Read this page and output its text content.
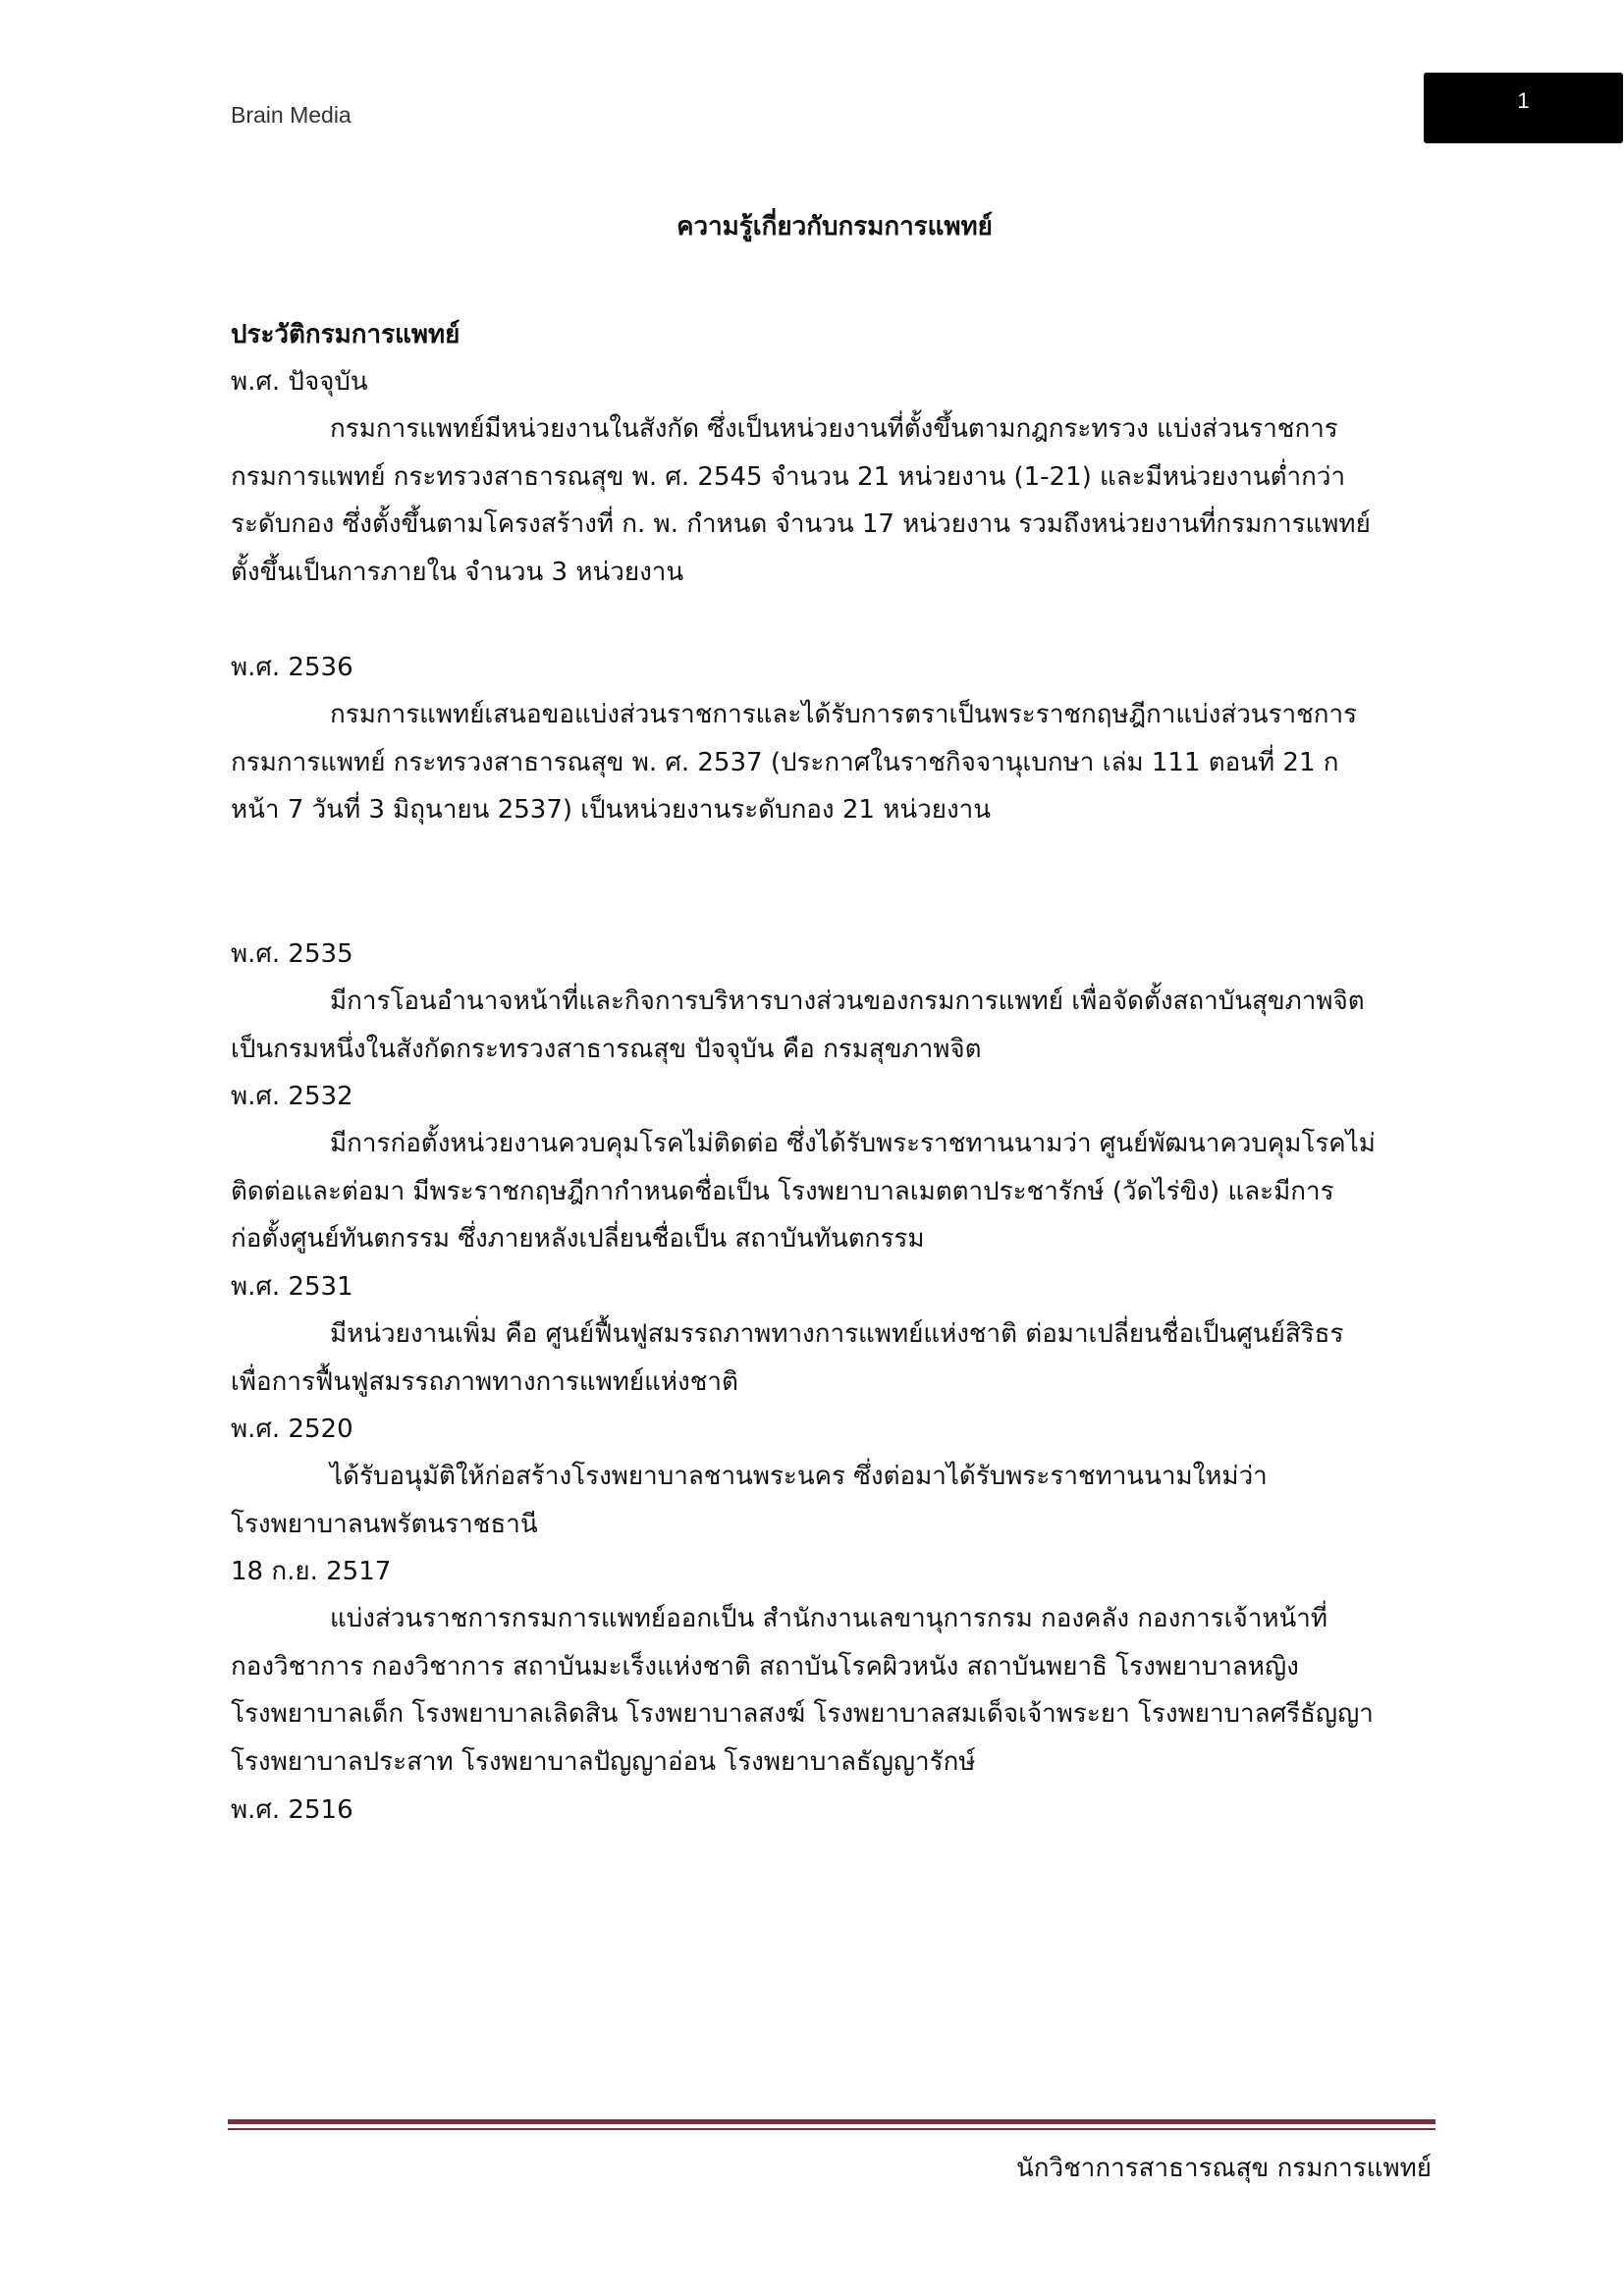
Brain Media
1
ความรู้เกี่ยวกับกรมการแพทย์
ประวัติกรมการแพทย์
พ.ศ. ปัจจุบัน
กรมการแพทย์มีหน่วยงานในสังกัด ซึ่งเป็นหน่วยงานที่ตั้งขึ้นตามกฎกระทรวง แบ่งส่วนราชการ
กรมการแพทย์ กระทรวงสาธารณสุข พ. ศ. 2545 จำนวน 21 หน่วยงาน (1-21) และมีหน่วยงานต่ำกว่า
ระดับกอง ซึ่งตั้งขึ้นตามโครงสร้างที่ ก. พ. กำหนด จำนวน 17 หน่วยงาน รวมถึงหน่วยงานที่กรมการแพทย์
ตั้งขึ้นเป็นการภายใน จำนวน 3 หน่วยงาน
พ.ศ. 2536
กรมการแพทย์เสนอขอแบ่งส่วนราชการและได้รับการตราเป็นพระราชกฤษฎีกาแบ่งส่วนราชการ
กรมการแพทย์ กระทรวงสาธารณสุข พ. ศ. 2537 (ประกาศในราชกิจจานุเบกษา เล่ม 111 ตอนที่ 21 ก
หน้า 7 วันที่ 3 มิถุนายน 2537) เป็นหน่วยงานระดับกอง 21 หน่วยงาน
พ.ศ. 2535
มีการโอนอำนาจหน้าที่และกิจการบริหารบางส่วนของกรมการแพทย์ เพื่อจัดตั้งสถาบันสุขภาพจิต
เป็นกรมหนึ่งในสังกัดกระทรวงสาธารณสุข ปัจจุบัน คือ กรมสุขภาพจิต
พ.ศ. 2532
มีการก่อตั้งหน่วยงานควบคุมโรคไม่ติดต่อ ซึ่งได้รับพระราชทานนามว่า ศูนย์พัฒนาควบคุมโรคไม่
ติดต่อและต่อมา มีพระราชกฤษฎีกากำหนดชื่อเป็น โรงพยาบาลเมตตาประชารักษ์ (วัดไร่ขิง) และมีการ
ก่อตั้งศูนย์ทันตกรรม ซึ่งภายหลังเปลี่ยนชื่อเป็น สถาบันทันตกรรม
พ.ศ. 2531
มีหน่วยงานเพิ่ม คือ ศูนย์ฟื้นฟูสมรรถภาพทางการแพทย์แห่งชาติ ต่อมาเปลี่ยนชื่อเป็นศูนย์สิริธร
เพื่อการฟื้นฟูสมรรถภาพทางการแพทย์แห่งชาติ
พ.ศ. 2520
ได้รับอนุมัติให้ก่อสร้างโรงพยาบาลชานพระนคร ซึ่งต่อมาได้รับพระราชทานนามใหม่ว่า
โรงพยาบาลนพรัตนราชธานี
18 ก.ย. 2517
แบ่งส่วนราชการกรมการแพทย์ออกเป็น สำนักงานเลขานุการกรม กองคลัง กองการเจ้าหน้าที่
กองวิชาการ กองวิชาการ สถาบันมะเร็งแห่งชาติ สถาบันโรคผิวหนัง สถาบันพยาธิ โรงพยาบาลหญิง
โรงพยาบาลเด็ก โรงพยาบาลเลิดสิน โรงพยาบาลสงฆ์ โรงพยาบาลสมเด็จเจ้าพระยา โรงพยาบาลศรีธัญญา
โรงพยาบาลประสาท โรงพยาบาลปัญญาอ่อน โรงพยาบาลธัญญารักษ์
พ.ศ. 2516
นักวิชาการสาธารณสุข กรมการแพทย์
